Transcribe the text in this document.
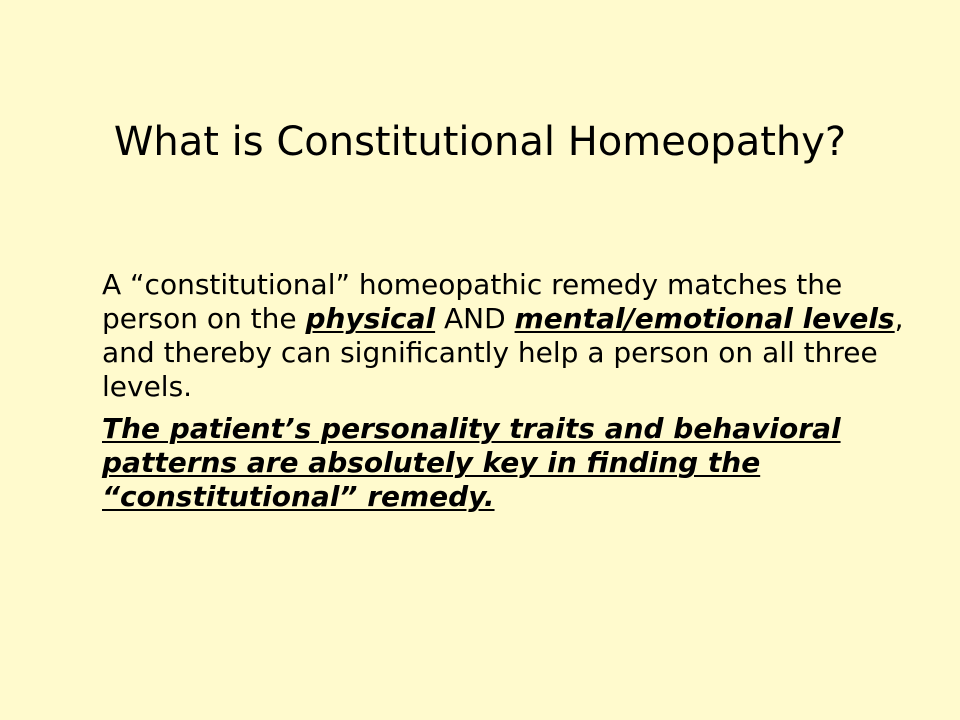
What is Constitutional Homeopathy?

A “constitutional” homeopathic remedy matches the person on the physical AND mental/emotional levels, and thereby can significantly help a person on all three levels.

The patient’s personality traits and behavioral patterns are absolutely key in finding the “constitutional” remedy.
